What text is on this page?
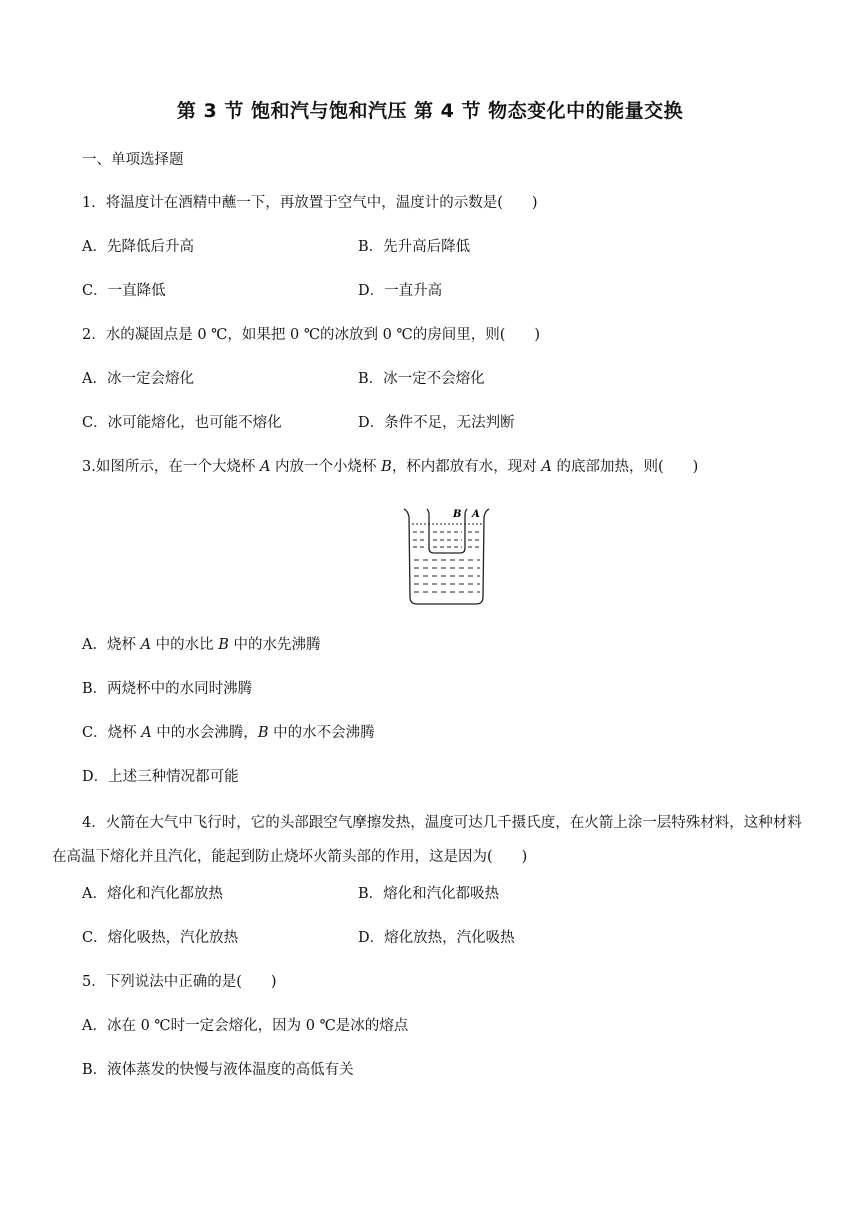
第 3 节 饱和汽与饱和汽压 第 4 节 物态变化中的能量交换
一、单项选择题
1．将温度计在酒精中蘸一下，再放置于空气中，温度计的示数是(　　)
A．先降低后升高	B．先升高后降低
C．一直降低	D．一直升高
2．水的凝固点是 0 ℃，如果把 0 ℃的冰放到 0 ℃的房间里，则(　　)
A．冰一定会熔化	B．冰一定不会熔化
C．冰可能熔化，也可能不熔化	D．条件不足，无法判断
3.如图所示，在一个大烧杯 A 内放一个小烧杯 B，杯内都放有水，现对 A 的底部加热，则(　　)
B A
A．烧杯 A 中的水比 B 中的水先沸腾
B．两烧杯中的水同时沸腾
C．烧杯 A 中的水会沸腾，B 中的水不会沸腾
D．上述三种情况都可能
4．火箭在大气中飞行时，它的头部跟空气摩擦发热，温度可达几千摄氏度，在火箭上涂一层特殊材料，这种材料在高温下熔化并且汽化，能起到防止烧坏火箭头部的作用，这是因为(　　)
A．熔化和汽化都放热	B．熔化和汽化都吸热
C．熔化吸热，汽化放热	D．熔化放热，汽化吸热
5．下列说法中正确的是(　　)
A．冰在 0 ℃时一定会熔化，因为 0 ℃是冰的熔点
B．液体蒸发的快慢与液体温度的高低有关
